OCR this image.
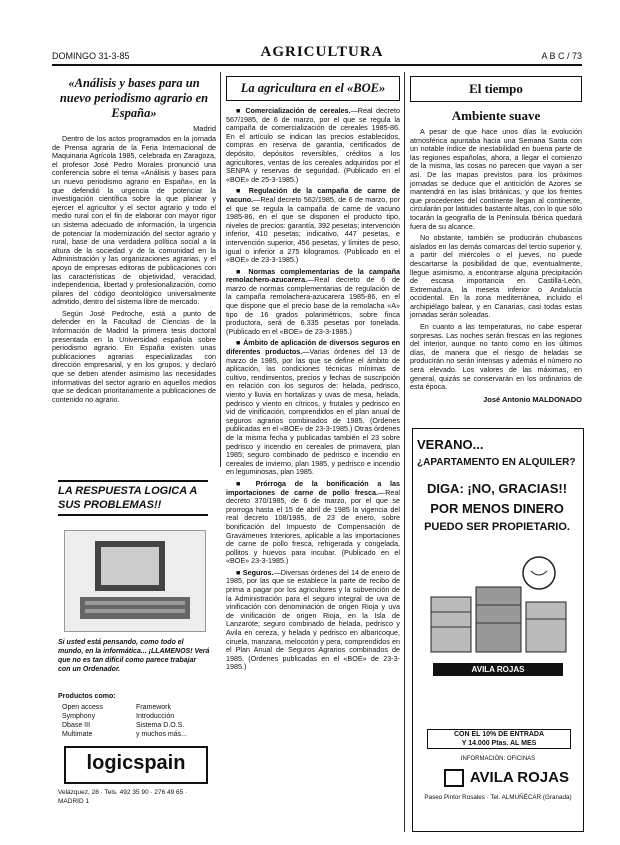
DOMINGO 31-3-85	AGRICULTURA	A B C / 73
«Análisis y bases para un nuevo periodismo agrario en España»
Madrid

Dentro de los actos programados en la jornada de Prensa agraria de la Feria Internacional de Maquinaria Agrícola 1985, celebrada en Zaragoza, el profesor José Pedro Morales pronunció una conferencia sobre el tema «Análisis y bases para un nuevo periodismo agrario en España», en la que defendió la urgencia de potenciar la investigación científica sobre la que planear y ejercer el agricultor y el sector agrario y todo el medio rural con el fin de elaborar con mayor rigor un sistema adecuado de información, la urgencia de potenciar la modernización del sector agrario y rural, base de una verdadera política social a la altura de la sociedad y de la comunidad en la Administración y las organizaciones agrarias, y el apoyo de empresas editoras de publicaciones con las características de objetividad, veracidad, independencia, libertad y profesionalización, como pilares del código deontológico universalmente admitido, dentro del sistema libre de mercado.

Según José Pedroche, está a punto de defender en la Facultad de Ciencias de la Información de Madrid la primera tesis doctoral presentada en la Universidad española sobre periodismo agrario. En España existen unas publicaciones agrarias especializadas con dirección empresarial, y en los grupos, y declaró que se deben atender asimismo las necesidades informativas del sector agrario en aquellos medios que se dedican prioritariamente a publicaciones de contenido no agrario.

LA RESPUESTA LOGICA A SUS PROBLEMAS!!
Si usted está pensando, como todo el mundo, en la informática... ¡LLAMENOS! Verá que no es tan difícil como parece trabajar con un Ordenador.
Productos como:
Open access
Symphony
Dbase III
Multimate
Framework
Introducción
Sistema D.O.S.
y muchos más...
logicspain
Velázquez, 28 · Tels. 492 35 90 · 276 49 65 · MADRID 1
La agricultura en el «BOE»

■ Comercialización de cereales.—Real decreto 567/1985, de 6 de marzo, por el que se regula la campaña de comercialización de cereales 1985-86. En el artículo se indican las precios establecidos, compras en reserva de garantía, certificados de depósito, depósitos reversibles, créditos a los agricultores, ventas de los cereales adquiridos por el SENPA y reservas de seguridad. (Publicado en el «BOE» de 25-3-1985.)

■ Regulación de la campaña de carne de vacuno.—Real decreto 562/1985, de 6 de marzo, por el que se regula la campaña de carne de vacuno 1985-86, en el que se disponen el producto tipo, niveles de precios: garantía, 392 pesetas; intervención inferior, 410 pesetas; indicativo, 447 pesetas, e intervención superior, 456 pesetas, y límites de peso, igual o inferior a 275 kilogramos. (Publicado en el «BOE» de 23-3-1985.)

■ Normas complementarias de la campaña remolachero-azucarera.—Real decreto de 6 de marzo de normas complementarias de regulación de la campaña remolachera-azucarera 1985-86, en el que dispone que el precio base de la remolacha «A» tipo de 16 grados polarimétricos, sobre finca productora, será de 6.335 pesetas por tonelada. (Publicado en el «BOE» de 23-3-1985.)

■ Ámbito de aplicación de diversos seguros en diferentes productos.—Varias órdenes del 13 de marzo de 1985, por las que se define el ámbito de aplicación, las condiciones técnicas mínimas de cultivo, rendimientos, precios y fechas de suscripción en relación con los seguros de: helada, pedrisco, viento y lluvia en hortalizas y uvas de mesa, helada, pedrisco y viento en cítricos, y frutales y pedrisco en vid de vinificación, comprendidos en el plan anual de seguros agrarios combinados de 1985. (Ordenes publicadas en el «BOE» de 23-3-1985.) Otras órdenes de la misma fecha y publicadas también el 23 sobre pedrisco y incendio en cereales de primavera, plan 1985; seguro combinado de pedrisco e incendio en cereales de invierno, plan 1985, y pedrisco e incendio en leguminosas, plan 1985.

■ Prórroga de la bonificación a las importaciones de carne de pollo fresca.—Real decreto 370/1985, de 6 de marzo, por el que se prorroga hasta el 15 de abril de 1985 la vigencia del real decreto 108/1985, de 23 de enero, sobre bonificación del Impuesto de Compensación de Gravámenes Interiores, aplicable a las importaciones de carne de pollo fresca, refrigerada y congelada, pollitos y huevos para incubar. (Publicado en el «BOE» 23-3-1985.)

■ Seguros.—Diversas órdenes del 14 de enero de 1985, por las que se establece la parte de recibo de prima a pagar por los agricultores y la subvención de la Administración para el seguro integral de uva de vinificación con denominación de origen Rioja y uva de vinificación de origen Rioja, en la Isla de Lanzarote; seguro combinado de helada, pedrisco y Avila en cereza, y helada y pedrisco en albaricoque, ciruela, manzana, melocotón y pera, comprendidos en el Plan Anual de Seguros Agrarios combinados de 1985. (Ordenes publicadas en el «BOE» de 23-3-1985.)

El tiempo
Ambiente suave

A pesar de que hace unos días la evolución atmosférica apuntaba hacia una Semana Santa con un notable índice de inestabilidad en buena parte de las regiones españolas, ahora, a llegar el comienzo de la misma, las cosas no parecen que vayan a ser así. De las mapas previstos para los próximos jornadas se deduce que el anticiclón de Azores se mantendrá en las islas británicas, y que los frentes que procedentes del continente llegan al continente, circularán por latitudes bastante altas, con lo que sólo tocarán la geografía de la Península Ibérica quedará fuera de su alcance.

No obstante, también se producirán chubascos aislados en las demás comarcas del tercio superior y, a partir del miércoles o el jueves, no puede descartarse la posibilidad de que, eventualmente, llegue asimismo, a encontrarse alguna precipitación de escasa importancia en Castilla-León, Extremadura, la meseta inferior o Andalucía occidental. En la zona mediterránea, incluido el archipiélago balear, y en Canarias, casi todas estas jornadas serán soleadas.

En cuanto a las temperaturas, no cabe esperar sorpresas. Las noches serán frescas en las regiones del interior, aunque no tanto como en los últimos días, de manera que el riesgo de heladas se producirán no serán intensas y además el número no será elevado. Los valores de las máximas, en general, quizás se conservarán en los ordinarios de esta época.

José Antonio MALDONADO
VERANO...
¿APARTAMENTO EN ALQUILER?
DIGA: ¡NO, GRACIAS!!
POR MENOS DINERO
PUEDO SER PROPIETARIO.
AVILA ROJAS
CON EL 10% DE ENTRADA
Y 14.000 Ptas. AL MES
INFORMACIÓN: OFICINAS
AVILA ROJAS
Paseo Pintor Rosales · Tel. ALMUÑÉCAR (Granada)
